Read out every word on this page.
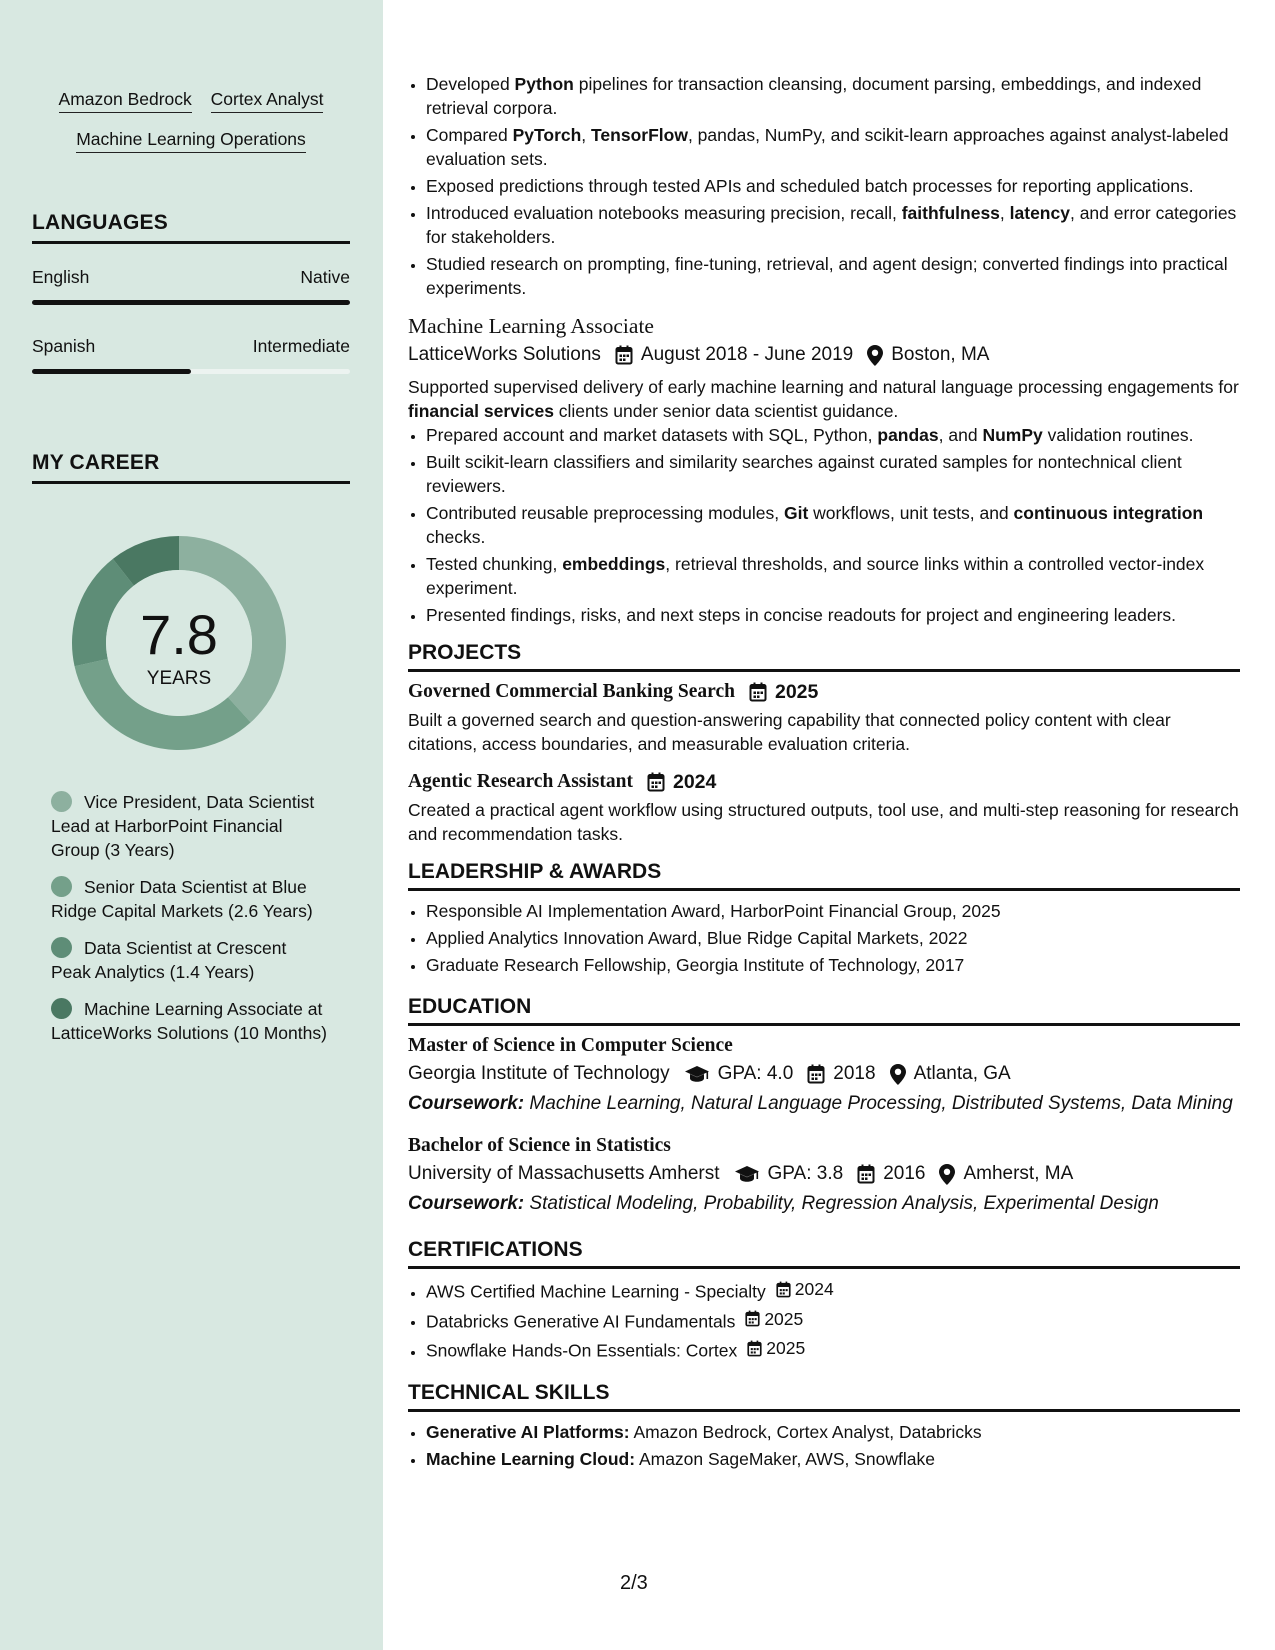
Amazon Bedrock Cortex Analyst
Machine Learning Operations
LANGUAGES
English	Native
Spanish	Intermediate
MY CAREER
7.8
YEARS
Vice President, Data Scientist Lead at HarborPoint Financial Group (3 Years)
Senior Data Scientist at Blue Ridge Capital Markets (2.6 Years)
Data Scientist at Crescent Peak Analytics (1.4 Years)
Machine Learning Associate at LatticeWorks Solutions (10 Months)
• Developed Python pipelines for transaction cleansing, document parsing, embeddings, and indexed retrieval corpora.
• Compared PyTorch, TensorFlow, pandas, NumPy, and scikit-learn approaches against analyst-labeled evaluation sets.
• Exposed predictions through tested APIs and scheduled batch processes for reporting applications.
• Introduced evaluation notebooks measuring precision, recall, faithfulness, latency, and error categories for stakeholders.
• Studied research on prompting, fine-tuning, retrieval, and agent design; converted findings into practical experiments.
Machine Learning Associate
LatticeWorks Solutions August 2018 - June 2019 Boston, MA
Supported supervised delivery of early machine learning and natural language processing engagements for financial services clients under senior data scientist guidance.
• Prepared account and market datasets with SQL, Python, pandas, and NumPy validation routines.
• Built scikit-learn classifiers and similarity searches against curated samples for nontechnical client reviewers.
• Contributed reusable preprocessing modules, Git workflows, unit tests, and continuous integration checks.
• Tested chunking, embeddings, retrieval thresholds, and source links within a controlled vector-index experiment.
• Presented findings, risks, and next steps in concise readouts for project and engineering leaders.
PROJECTS
Governed Commercial Banking Search 2025
Built a governed search and question-answering capability that connected policy content with clear citations, access boundaries, and measurable evaluation criteria.
Agentic Research Assistant 2024
Created a practical agent workflow using structured outputs, tool use, and multi-step reasoning for research and recommendation tasks.
LEADERSHIP & AWARDS
• Responsible AI Implementation Award, HarborPoint Financial Group, 2025
• Applied Analytics Innovation Award, Blue Ridge Capital Markets, 2022
• Graduate Research Fellowship, Georgia Institute of Technology, 2017
EDUCATION
Master of Science in Computer Science
Georgia Institute of Technology	GPA: 4.0 2018 Atlanta, GA
Coursework: Machine Learning, Natural Language Processing, Distributed Systems, Data Mining
Bachelor of Science in Statistics
University of Massachusetts Amherst	GPA: 3.8 2016 Amherst, MA
Coursework: Statistical Modeling, Probability, Regression Analysis, Experimental Design
CERTIFICATIONS
• AWS Certified Machine Learning - Specialty 2024
• Databricks Generative AI Fundamentals 2025
• Snowflake Hands-On Essentials: Cortex 2025
TECHNICAL SKILLS
• Generative AI Platforms: Amazon Bedrock, Cortex Analyst, Databricks
• Machine Learning Cloud: Amazon SageMaker, AWS, Snowflake
2/3
